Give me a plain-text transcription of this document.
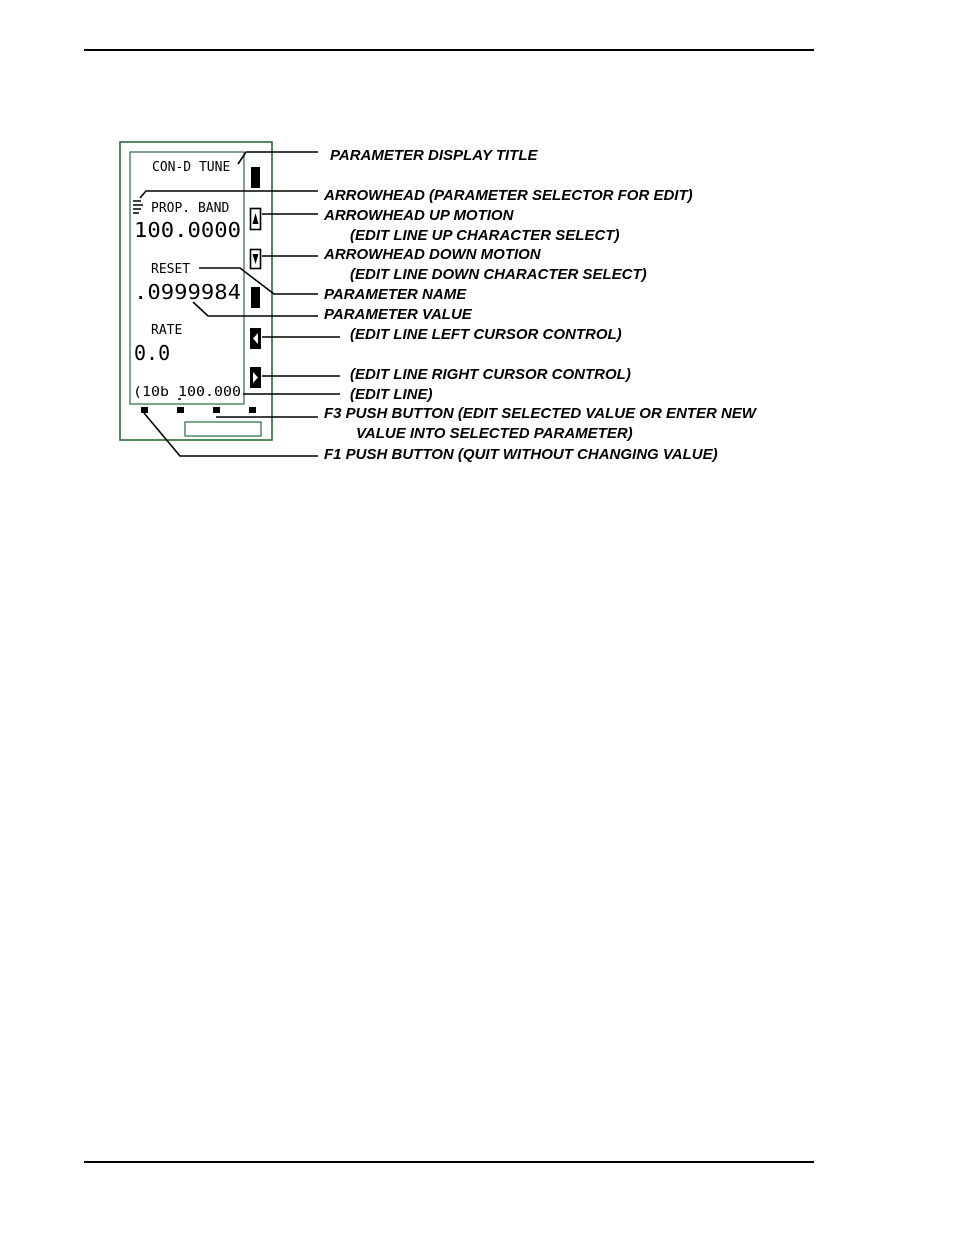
CON-D TUNE
PROP. BAND
100.0000
RESET
.0999984
RATE
0.0
(10b 100.000
PARAMETER DISPLAY TITLE
ARROWHEAD (PARAMETER SELECTOR FOR EDIT)
ARROWHEAD UP MOTION
(EDIT LINE UP CHARACTER SELECT)
ARROWHEAD DOWN MOTION
(EDIT LINE DOWN CHARACTER SELECT)
PARAMETER NAME
PARAMETER VALUE
(EDIT LINE LEFT CURSOR CONTROL)
(EDIT LINE RIGHT CURSOR CONTROL)
(EDIT LINE)
F3 PUSH BUTTON (EDIT SELECTED VALUE OR ENTER NEW
VALUE INTO SELECTED PARAMETER)
F1 PUSH BUTTON (QUIT WITHOUT CHANGING VALUE)
